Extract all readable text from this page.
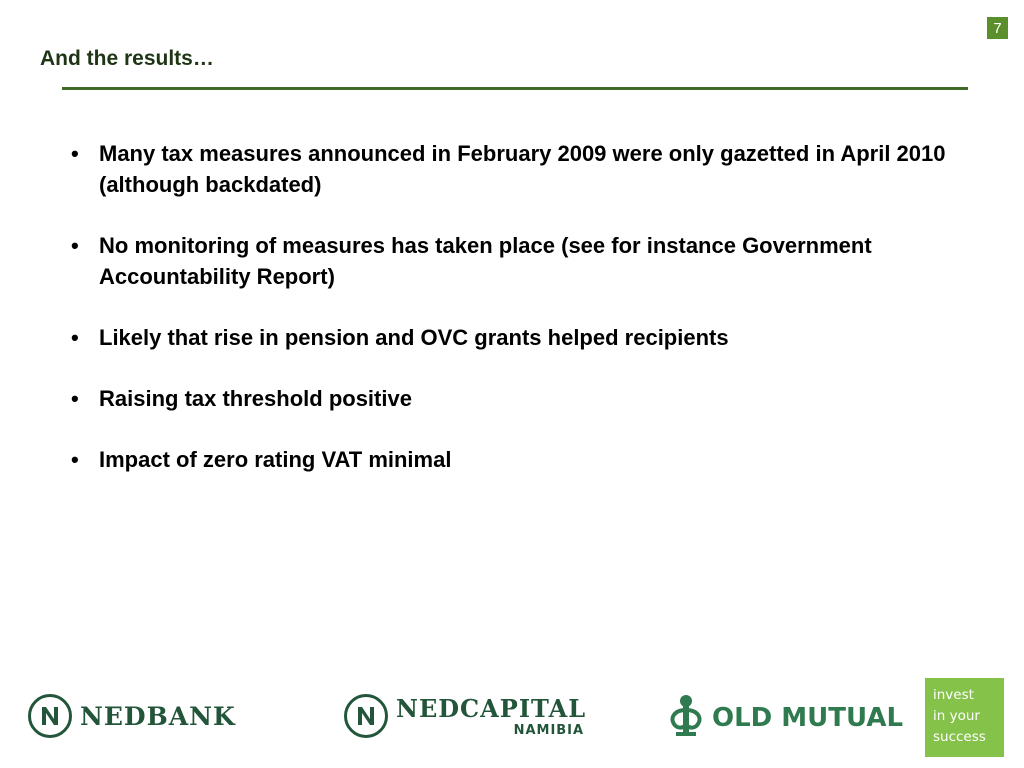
7
And the results…
• Many tax measures announced in February 2009 were only gazetted in April 2010 (although backdated)
• No monitoring of measures has taken place (see for instance Government Accountability Report)
• Likely that rise in pension and OVC grants helped recipients
• Raising tax threshold positive
• Impact of zero rating VAT minimal
NEDBANK	NEDCAPITAL
NAMIBIA	OLD MUTUAL
invest
in your
success
